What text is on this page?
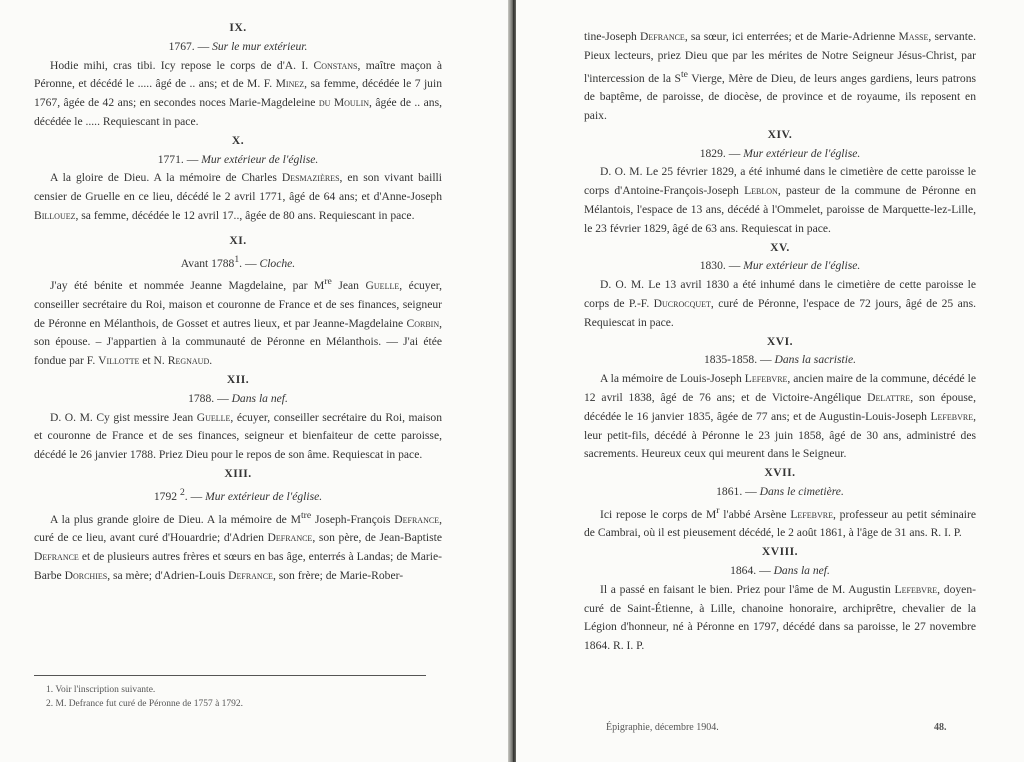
IX.
1767. — Sur le mur extérieur.

Hodie mihi, cras tibi. Icy repose le corps de d'A. I. Constans, maître maçon à Péronne, et décédé le ..... âgé de .. ans; et de M. F. Minez, sa femme, décédée le 7 juin 1767, âgée de 42 ans; en secondes noces Marie-Magdeleine du Moulin, âgée de .. ans, décédée le ..... Requiescant in pace.

X.
1771. — Mur extérieur de l'église.

A la gloire de Dieu. A la mémoire de Charles Desmazières, en son vivant bailli censier de Gruelle en ce lieu, décédé le 2 avril 1771, âgé de 64 ans; et d'Anne-Joseph Billouez, sa femme, décédée le 12 avril 17.., âgée de 80 ans. Requiescant in pace.

XI.
Avant 1788$^1$. — Cloche.

J'ay été bénite et nommée Jeanne Magdelaine, par Mre Jean Guelle, écuyer, conseiller secrétaire du Roi, maison et couronne de France et de ses finances, seigneur de Péronne en Mélanthois, de Gosset et autres lieux, et par Jeanne-Magdelaine Corbin, son épouse. – J'appartien à la communauté de Péronne en Mélanthois. — J'ai étée fondue par F. Villotte et N. Regnaud.

XII.
1788. — Dans la nef.

D. O. M. Cy gist messire Jean Guelle, écuyer, conseiller secrétaire du Roi, maison et couronne de France et de ses finances, seigneur et bienfaiteur de cette paroisse, décédé le 26 janvier 1788. Priez Dieu pour le repos de son âme. Requiescat in pace.

XIII.
1792 $^2$. — Mur extérieur de l'église.

A la plus grande gloire de Dieu. A la mémoire de $M^{tre}$ Joseph-François Defrance, curé de ce lieu, avant curé d'Houardrie; d'Adrien Defrance, son père, de Jean-Baptiste Defrance et de plusieurs autres frères et sœurs en bas âge, enterrés à Landas; de Marie-Barbe Dorchies, sa mère; d'Adrien-Louis Defrance, son frère; de Marie-Rober-

1. Voir l'inscription suivante.
2. M. Defrance fut curé de Péronne de 1757 à 1792.

tine-Joseph Defrance, sa sœur, ici enterrées; et de Marie-Adrienne Masse, servante. Pieux lecteurs, priez Dieu que par les mérites de Notre Seigneur Jésus-Christ, par l'intercession de la $S^{te}$ Vierge, Mère de Dieu, de leurs anges gardiens, leurs patrons de baptême, de paroisse, de diocèse, de province et de royaume, ils reposent en paix.

XIV.
1829. — Mur extérieur de l'église.

D. O. M. Le 25 février 1829, a été inhumé dans le cimetière de cette paroisse le corps d'Antoine-François-Joseph Leblon, pasteur de la commune de Péronne en Mélantois, l'espace de 13 ans, décédé à l'Ommelet, paroisse de Marquette-lez-Lille, le 23 février 1829, âgé de 63 ans. Requiescat in pace.

XV.
1830. — Mur extérieur de l'église.

D. O. M. Le 13 avril 1830 a été inhumé dans le cimetière de cette paroisse le corps de P.-F. Ducrocquet, curé de Péronne, l'espace de 72 jours, âgé de 25 ans. Requiescat in pace.

XVI.
1835-1858. — Dans la sacristie.

A la mémoire de Louis-Joseph Lefebvre, ancien maire de la commune, décédé le 12 avril 1838, âgé de 76 ans; et de Victoire-Angélique Delattre, son épouse, décédée le 16 janvier 1835, âgée de 77 ans; et de Augustin-Louis-Joseph Lefebvre, leur petit-fils, décédé à Péronne le 23 juin 1858, âgé de 30 ans, administré des sacrements. Heureux ceux qui meurent dans le Seigneur.

XVII.
1861. — Dans le cimetière.

Ici repose le corps de $M^r$ l'abbé Arsène Lefebvre, professeur au petit séminaire de Cambrai, où il est pieusement décédé, le 2 août 1861, à l'âge de 31 ans. R. I. P.

XVIII.
1864. — Dans la nef.

Il a passé en faisant le bien. Priez pour l'âme de M. Augustin Lefebvre, doyen-curé de Saint-Étienne, à Lille, chanoine honoraire, archiprêtre, chevalier de la Légion d'honneur, né à Péronne en 1797, décédé dans sa paroisse, le 27 novembre 1864. R. I. P.

Épigraphie, décembre 1904.	48.
